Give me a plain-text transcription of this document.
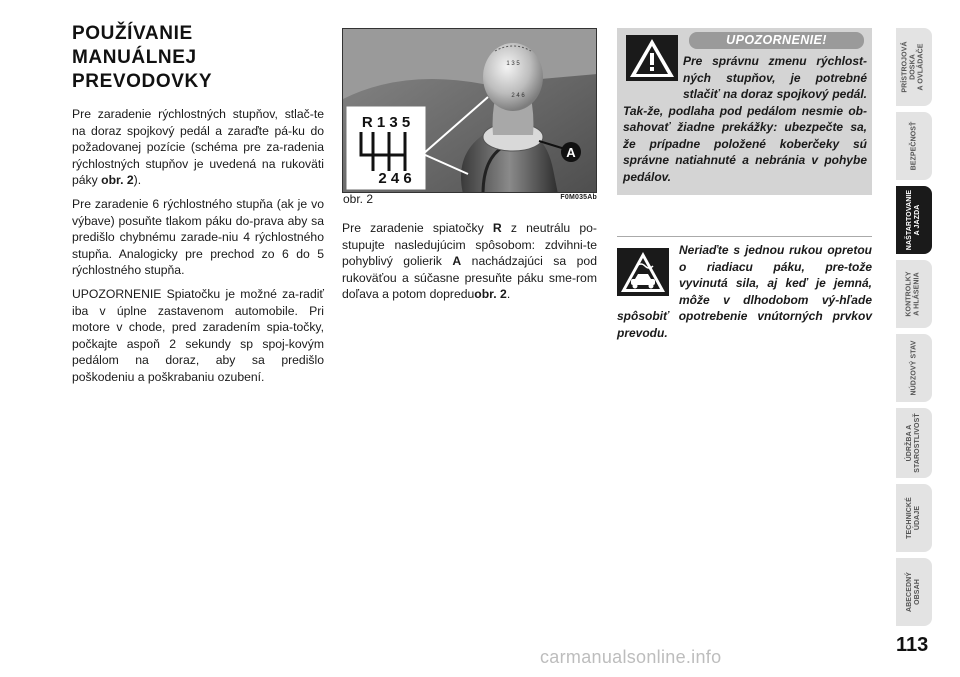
POUŽÍVANIE
MANUÁLNEJ
PREVODOVKY

Pre zaradenie rýchlostných stupňov, stlač-te na doraz spojkový pedál a zaraďte pá-ku do požadovanej pozície (schéma pre za-radenia rýchlostných stupňov je uvedená na rukoväti páky obr. 2).

Pre zaradenie 6 rýchlostného stupňa (ak je vo výbave) posuňte tlakom páku do-prava aby sa predišlo chybnému zarade-niu 4 rýchlostného stupňa. Analogicky pre prechod zo 6 do 5 rýchlostného stupňa.

UPOZORNENIE Spiatočku je možné za-radiť iba v úplne zastavenom automobile. Pri motore v chode, pred zaradením spia-točky, počkajte aspoň 2 sekundy sp spoj-kovým pedálom na doraz, aby sa predišlo poškodeniu a poškrabaniu ozubení.

R 1 3 5
2 4 6
1 3 5
2 4 6
A
obr. 2	F0M035Ab

Pre zaradenie spiatočky R z neutrálu po-stupujte nasledujúcim spôsobom: zdvihni-te pohyblivý golierik A nachádzajúci sa pod rukoväťou a súčasne presuňte páku sme-rom doľava a potom dopreduobr. 2.

UPOZORNENIE!

Pre správnu zmenu rýchlost-ných stupňov, je potrebné stlačiť na doraz spojkový pedál. Tak-že, podlaha pod pedálom nesmie ob-sahovať žiadne prekážky: ubezpečte sa, že prípadne položené koberčeky sú správne natiahnuté a nebránia v pohybe pedálov.

Neriaďte s jednou rukou opretou o riadiacu páku, pre-tože vyvinutá sila, aj keď je jemná, môže v dlhodobom vý-hľade spôsobiť opotrebenie vnútorných prvkov prevodu.

PRÍSTROJOVÁ
DOSKA
A OVLÁDAČE
BEZPEČNOSŤ
NAŠTARTOVANIE
A JAZDA
KONTROLKY
A HLÁSENIA
NÚDZOVÝ STAV
ÚDRŽBA A
STAROSTLIVOSŤ
TECHNICKÉ
ÚDAJE
ABECEDNÝ
OBSAH
113
carmanualsonline.info
